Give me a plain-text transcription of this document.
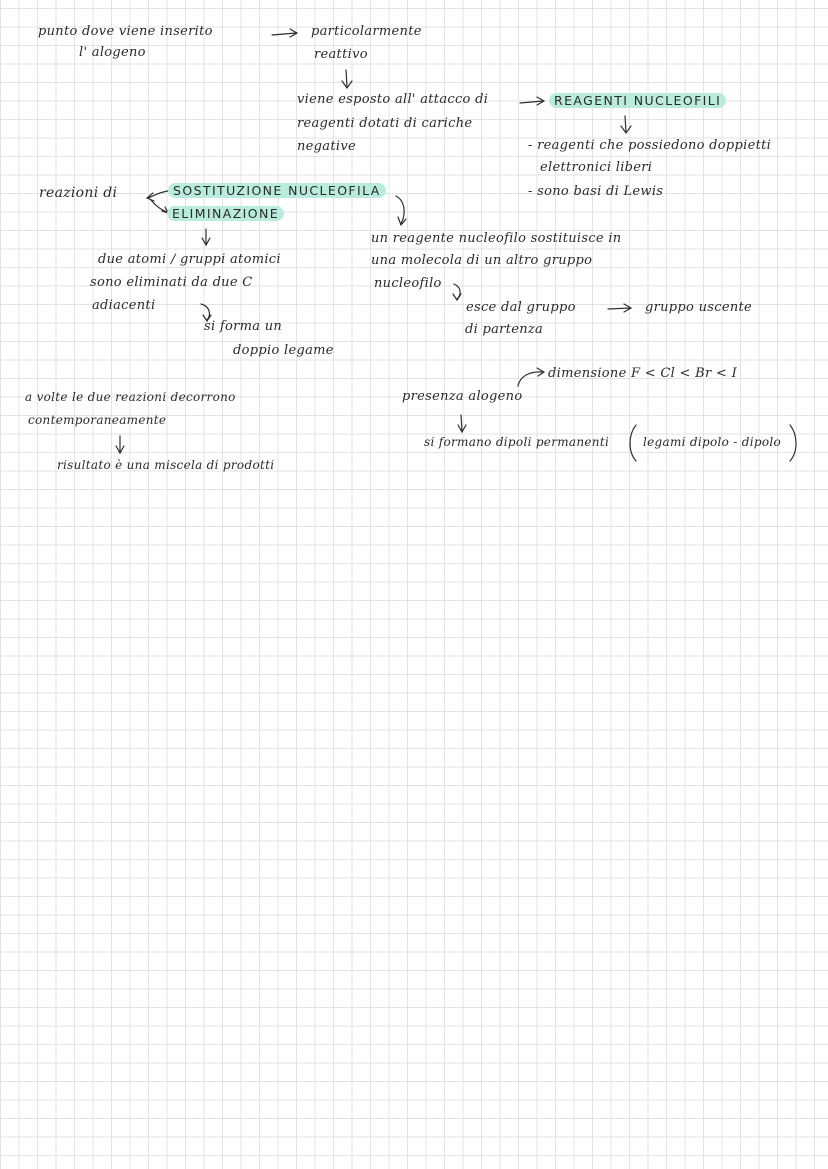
punto dove viene inserito
l' alogeno
particolarmente
reattivo
viene esposto all' attacco di
reagenti dotati di cariche
negative
REAGENTI NUCLEOFILI
- reagenti che possiedono doppietti
elettronici liberi
- sono basi di Lewis
reazioni di	SOSTITUZIONE NUCLEOFILA
ELIMINAZIONE
due atomi / gruppi atomici
sono eliminati da due C
adiacenti
si forma un
doppio legame
un reagente nucleofilo sostituisce in
una molecola di un altro gruppo
nucleofilo
esce dal gruppo	gruppo uscente
di partenza
dimensione F < Cl < Br < I
presenza alogeno
si formano dipoli permanenti	legami dipolo - dipolo
a volte le due reazioni decorrono
contemporaneamente
risultato è una miscela di prodotti
